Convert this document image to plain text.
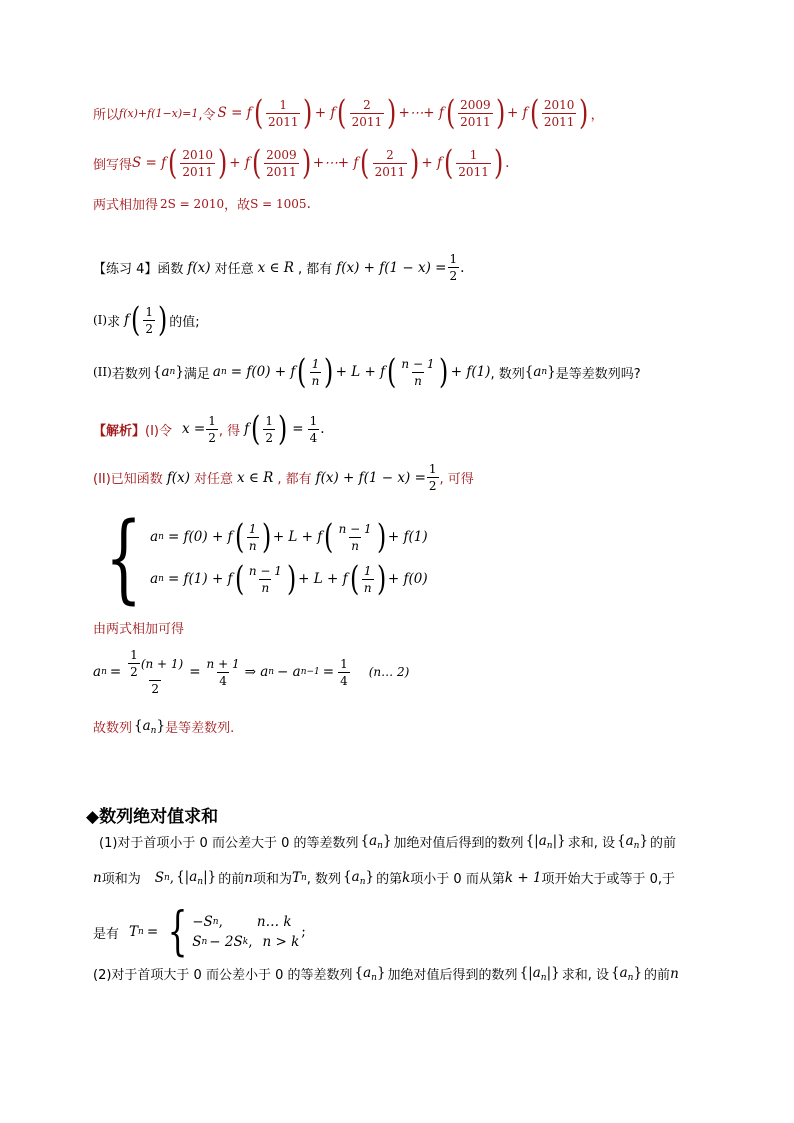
所以 f(x)+f(1−x)=1 ,令 S = f ( $\frac{1}{2011}$ ) + f ( $\frac{2}{2011}$ ) +⋯+ f ( $\frac{2009}{2011}$ ) + f ( $\frac{2010}{2011}$ ) ，
倒写得 S = f ( $\frac{2010}{2011}$ ) + f ( $\frac{2009}{2011}$ ) +⋯+ f ( $\frac{2}{2011}$ ) + f ( $\frac{1}{2011}$ ) .
两式相加得 2S = 2010 ，故 S = 1005 .
【练习 4】 函数 f(x) 对任意 x ∈ R , 都有 $f(x) + f(1 - x) = \frac{1}{2}$ .
(I) 求 f ( $\frac{1}{2}$ ) 的值;
(II) 若数列 { a n } 满足 a n = f(0) + f ( $\frac{1}{n}$ ) + L + f ( $\frac{n - 1}{n}$ ) + f(1) , 数列 { a n } 是等差数列吗?
【解析】 (I)令 $x = \frac{1}{2}$ , 得 f ( $\frac{1}{2}$ ) = $\frac{1}{4}$ .
(II)已知函数 f(x) 对任意 x ∈ R , 都有 $f(x) + f(1 - x) = \frac{1}{2}$ , 可得
{ a n = f(0) + f ( $\frac{1}{n}$ ) + L + f ( $\frac{n - 1}{n}$ ) + f(1)
a n = f(1) + f ( $\frac{n - 1}{n}$ ) + L + f ( $\frac{1}{n}$ ) + f(0)
由两式相加可得
a $n = \frac{\frac{1}{2} (n + 1)}{2} = \frac{n + 1}{4}$ ⇒ a n − a $n-1 = \frac{1}{4}$ (n… 2)
故数列 $\{a_n\}$ 是等差数列.
◆数列绝对值求和
(1)对于首项小于 0 而公差大于 0 的等差数列 $\{a_n\}$ 加绝对值后得到的数列 $\{|a_n|\}$ 求和, 设 $\{a_n\}$ 的前
n 项和为 S n , $\{|a_n|\}$ 的前 n 项和为 T n , 数列 $\{a_n\}$ 的第 k 项小于 0 而从第 k + 1 项开始大于或等于 0,于
是有 T n = { −S n ,	n… k
S n − 2S k , n > k
;
(2)对于首项大于 0 而公差小于 0 的等差数列 $\{a_n\}$ 加绝对值后得到的数列 $\{|a_n|\}$ 求和, 设 $\{a_n\}$ 的前 n
